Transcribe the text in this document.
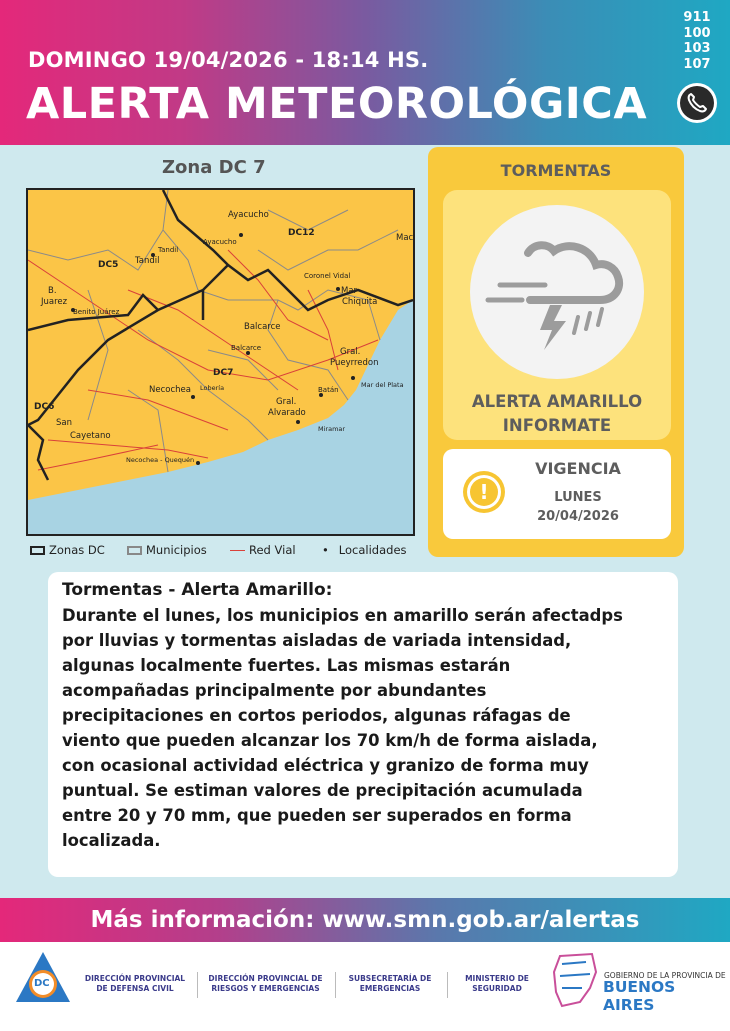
DOMINGO 19/04/2026 - 18:14 HS.
ALERTA METEOROLÓGICA
911
100
103
107
Zona DC 7
DC12
DC5
DC7
DC6
Ayacucho
Ayacucho	Mac
Tandil
Tandil
B.
Juarez
Benito Juárez
Coronel Vidal
Mar
Chiquita
Balcarce
Balcarce	Gral.
Pueyrredon
Mar del Plata
Necochea Lobería	Batán
Gral.
Alvarado
Miramar
San
Cayetano
Necochea - Quequén
Zonas DC	Municipios	Red Vial • Localidades
TORMENTAS
ALERTA AMARILLO
INFORMATE
!
VIGENCIA
LUNES
20/04/2026
Tormentas - Alerta Amarillo:
Durante el lunes, los municipios en amarillo serán afectadps
por lluvias y tormentas aisladas de variada intensidad,
algunas localmente fuertes. Las mismas estarán
acompañadas principalmente por abundantes
precipitaciones en cortos periodos, algunas ráfagas de
viento que pueden alcanzar los 70 km/h de forma aislada,
con ocasional actividad eléctrica y granizo de forma muy
puntual. Se estiman valores de precipitación acumulada
entre 20 y 70 mm, que pueden ser superados en forma
localizada.
Más información: www.smn.gob.ar/alertas
DC	DIRECCIÓN PROVINCIAL
DE DEFENSA CIVIL
DIRECCIÓN PROVINCIAL DE
RIESGOS Y EMERGENCIAS
SUBSECRETARÍA DE
EMERGENCIAS
MINISTERIO DE
SEGURIDAD
GOBIERNO DE LA PROVINCIA DE
BUENOS AIRES
